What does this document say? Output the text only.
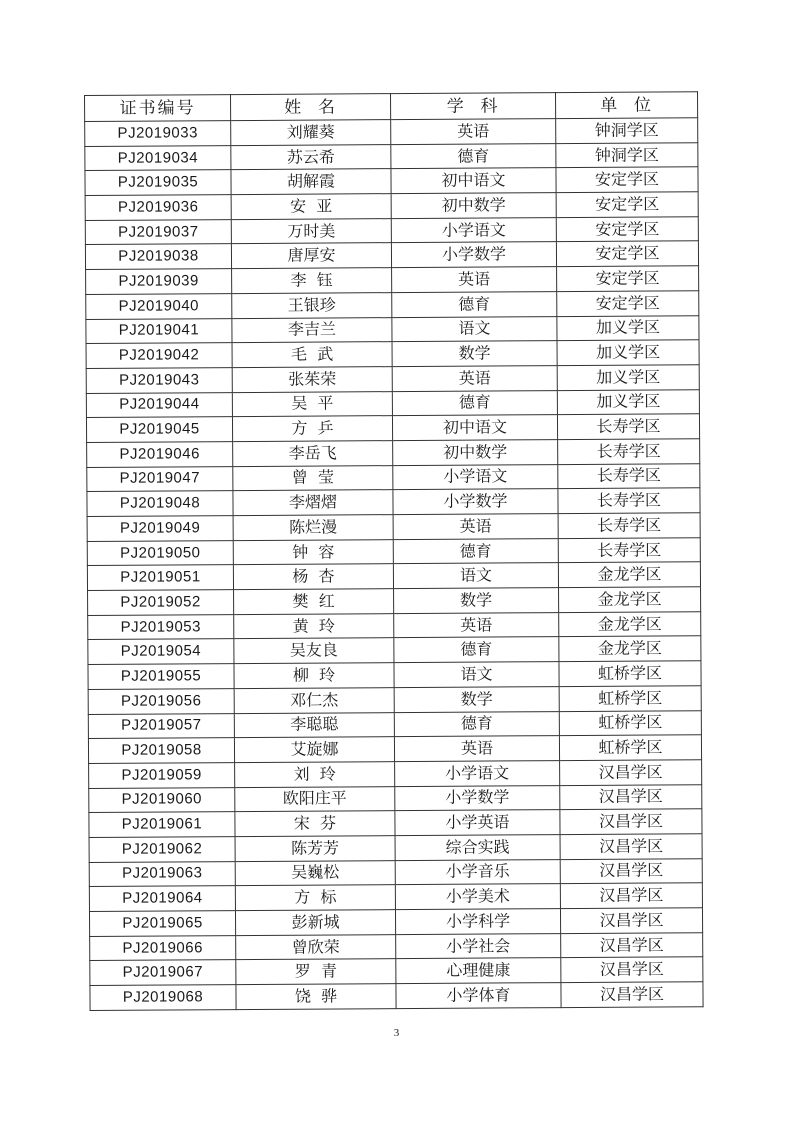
证书编号	姓  名	学  科	单  位
PJ2019033	刘耀葵	英语	钟洞学区
PJ2019034	苏云希	德育	钟洞学区
PJ2019035	胡解霞	初中语文	安定学区
PJ2019036	安  亚	初中数学	安定学区
PJ2019037	万时美	小学语文	安定学区
PJ2019038	唐厚安	小学数学	安定学区
PJ2019039	李  钰	英语	安定学区
PJ2019040	王银珍	德育	安定学区
PJ2019041	李吉兰	语文	加义学区
PJ2019042	毛  武	数学	加义学区
PJ2019043	张茱荣	英语	加义学区
PJ2019044	吴  平	德育	加义学区
PJ2019045	方  乒	初中语文	长寿学区
PJ2019046	李岳飞	初中数学	长寿学区
PJ2019047	曾  莹	小学语文	长寿学区
PJ2019048	李熠熠	小学数学	长寿学区
PJ2019049	陈烂漫	英语	长寿学区
PJ2019050	钟  容	德育	长寿学区
PJ2019051	杨  杏	语文	金龙学区
PJ2019052	樊  红	数学	金龙学区
PJ2019053	黄  玲	英语	金龙学区
PJ2019054	吴友良	德育	金龙学区
PJ2019055	柳  玲	语文	虹桥学区
PJ2019056	邓仁杰	数学	虹桥学区
PJ2019057	李聪聪	德育	虹桥学区
PJ2019058	艾旋娜	英语	虹桥学区
PJ2019059	刘  玲	小学语文	汉昌学区
PJ2019060	欧阳庄平	小学数学	汉昌学区
PJ2019061	宋  芬	小学英语	汉昌学区
PJ2019062	陈芳芳	综合实践	汉昌学区
PJ2019063	吴巍松	小学音乐	汉昌学区
PJ2019064	方  标	小学美术	汉昌学区
PJ2019065	彭新城	小学科学	汉昌学区
PJ2019066	曾欣荣	小学社会	汉昌学区
PJ2019067	罗  青	心理健康	汉昌学区
PJ2019068	饶  骅	小学体育	汉昌学区
3
